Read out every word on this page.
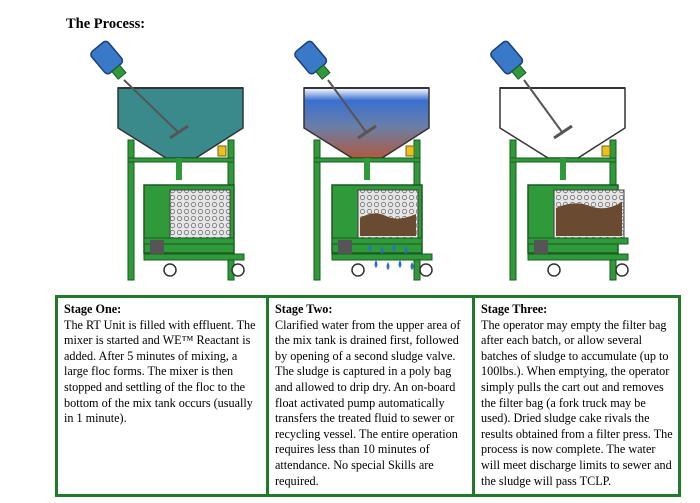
The Process:
Stage One:
The RT Unit is filled with effluent. The mixer is started and WE™ Reactant is added. After 5 minutes of mixing, a large floc forms. The mixer is then stopped and settling of the floc to the bottom of the mix tank occurs (usually in 1 minute).
Stage Two:
Clarified water from the upper area of the mix tank is drained first, followed by opening of a second sludge valve. The sludge is captured in a poly bag and allowed to drip dry. An on-board float activated pump automatically transfers the treated fluid to sewer or recycling vessel. The entire operation requires less than 10 minutes of attendance. No special Skills are required.
Stage Three:
The operator may empty the filter bag after each batch, or allow several batches of sludge to accumulate (up to 100lbs.). When emptying, the operator simply pulls the cart out and removes the filter bag (a fork truck may be used). Dried sludge cake rivals the results obtained from a filter press. The process is now complete. The water will meet discharge limits to sewer and the sludge will pass TCLP.
